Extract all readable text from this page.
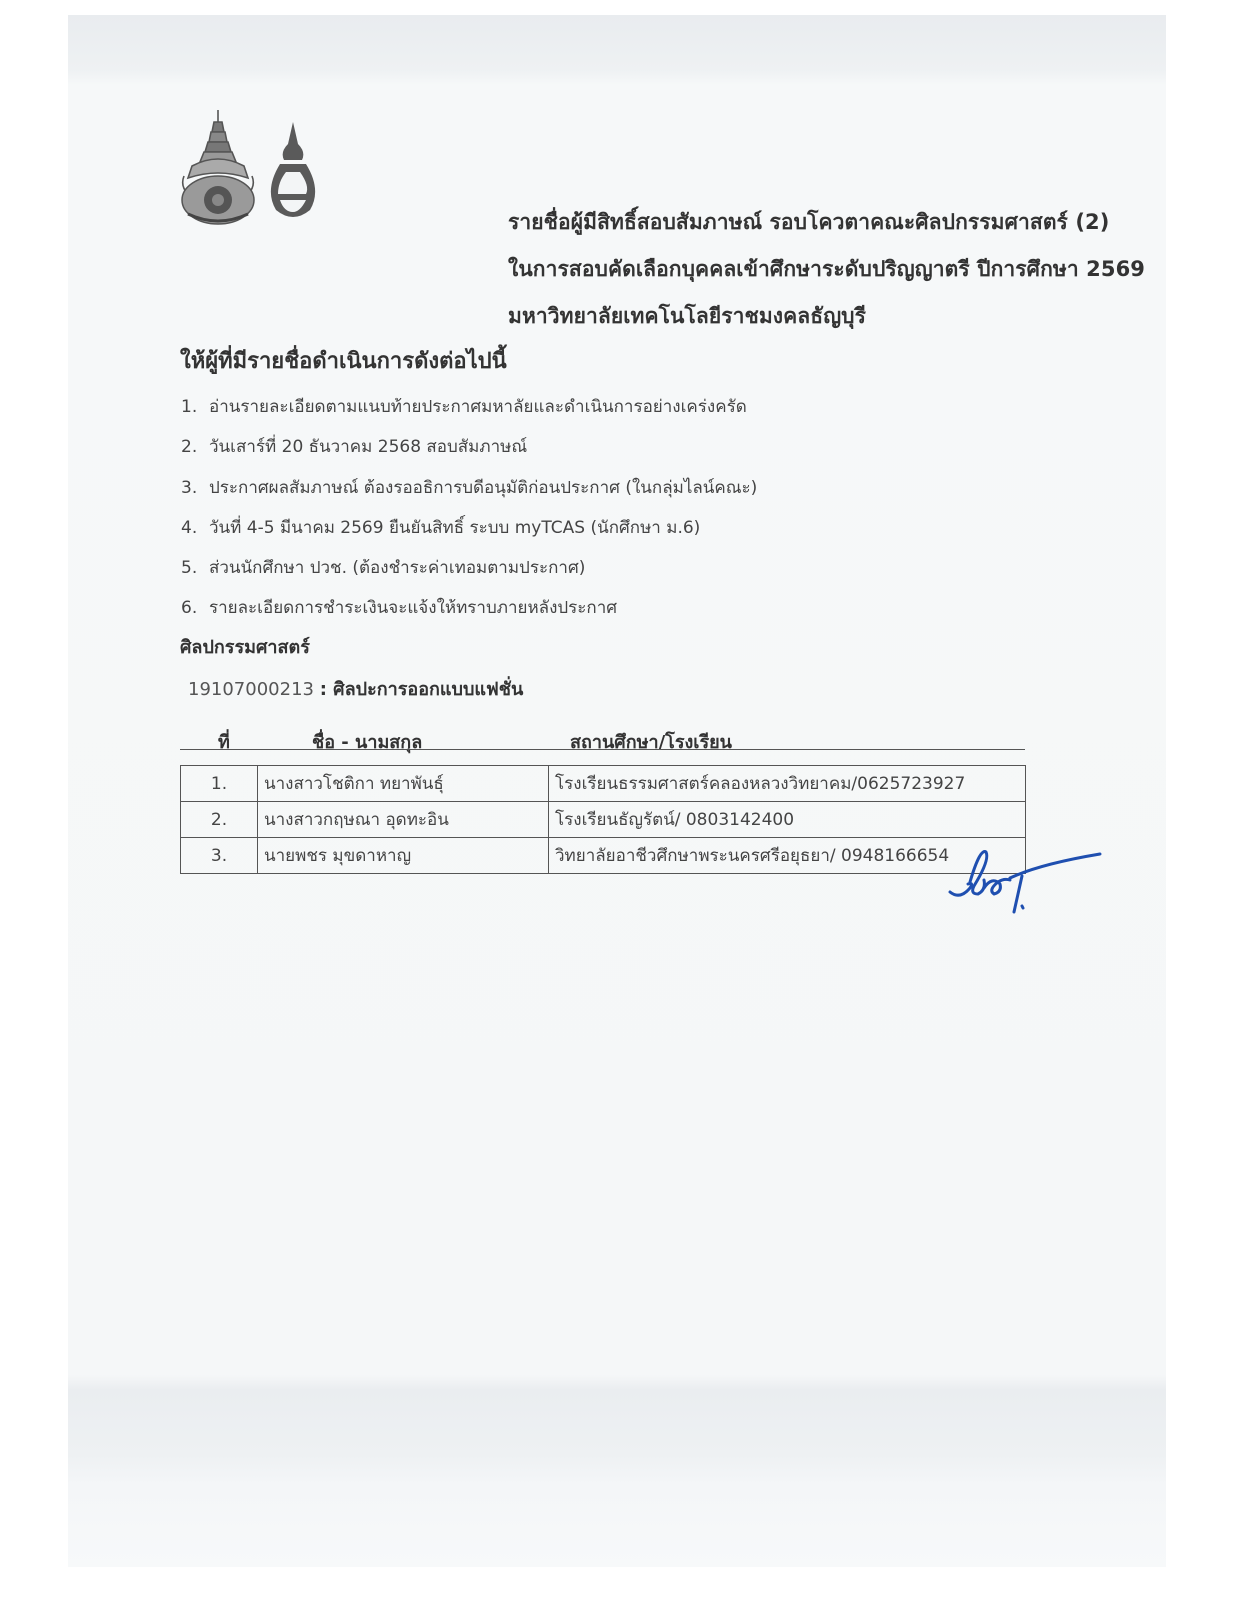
รายชื่อผู้มีสิทธิ์สอบสัมภาษณ์ รอบโควตาคณะศิลปกรรมศาสตร์ (2)
ในการสอบคัดเลือกบุคคลเข้าศึกษาระดับปริญญาตรี ปีการศึกษา 2569
มหาวิทยาลัยเทคโนโลยีราชมงคลธัญบุรี
ให้ผู้ที่มีรายชื่อดำเนินการดังต่อไปนี้
1. อ่านรายละเอียดตามแนบท้ายประกาศมหาลัยและดำเนินการอย่างเคร่งครัด
2. วันเสาร์ที่ 20 ธันวาคม 2568 สอบสัมภาษณ์
3. ประกาศผลสัมภาษณ์ ต้องรออธิการบดีอนุมัติก่อนประกาศ (ในกลุ่มไลน์คณะ)
4. วันที่ 4-5 มีนาคม 2569 ยืนยันสิทธิ์ ระบบ myTCAS (นักศึกษา ม.6)
5. ส่วนนักศึกษา ปวช. (ต้องชำระค่าเทอมตามประกาศ)
6. รายละเอียดการชำระเงินจะแจ้งให้ทราบภายหลังประกาศ
ศิลปกรรมศาสตร์
19107000213 : ศิลปะการออกแบบแฟชั่น
ที่	ชื่อ - นามสกุล	สถานศึกษา/โรงเรียน
1.	นางสาวโชติกา ทยาพันธุ์	โรงเรียนธรรมศาสตร์คลองหลวงวิทยาคม/0625723927
2.	นางสาวกฤษณา อุดทะอิน	โรงเรียนธัญรัตน์/ 0803142400
3.	นายพชร มุขดาหาญ	วิทยาลัยอาชีวศึกษาพระนครศรีอยุธยา/ 0948166654
